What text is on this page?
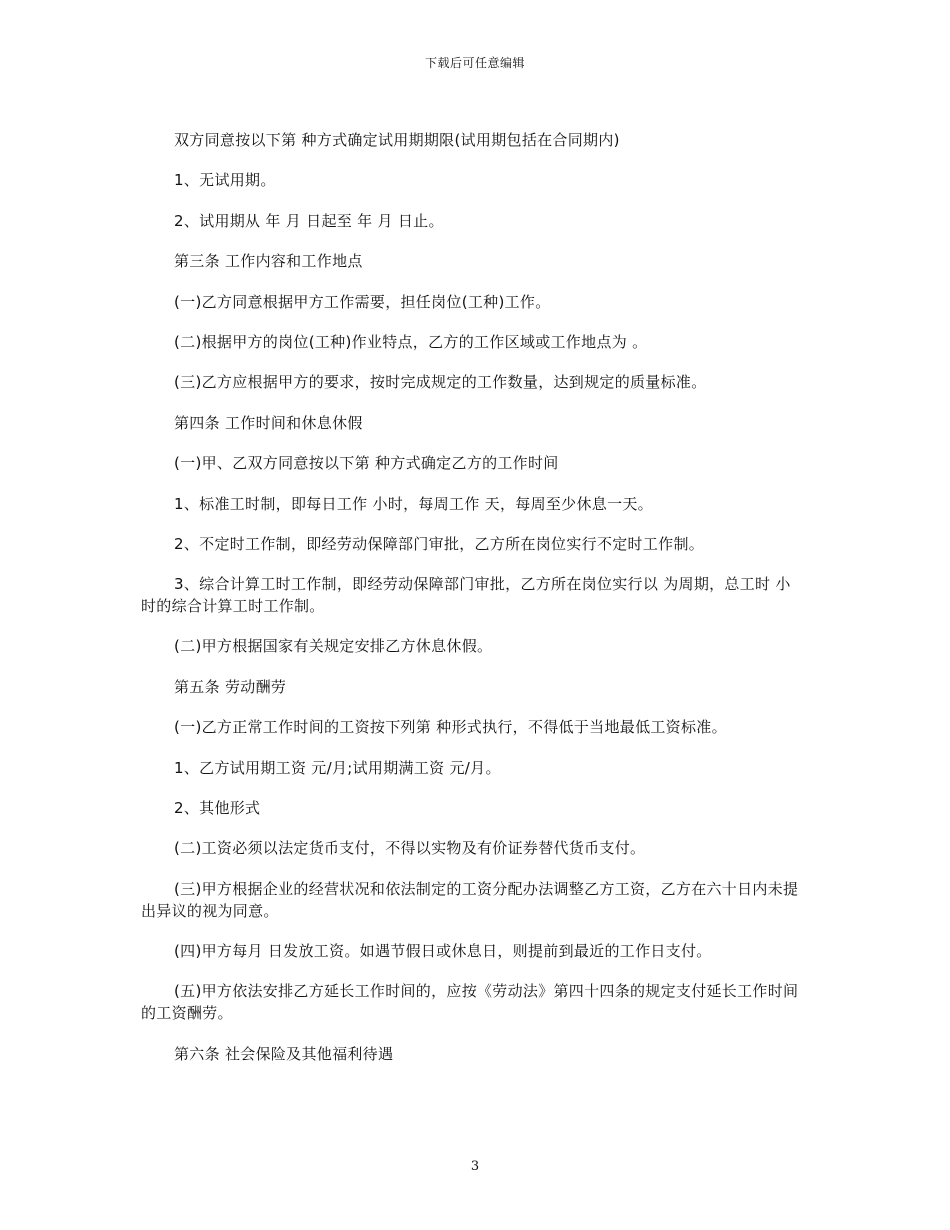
下载后可任意编辑

双方同意按以下第 种方式确定试用期期限(试用期包括在合同期内)

1、无试用期。

2、试用期从 年 月 日起至 年 月 日止。

第三条 工作内容和工作地点

(一)乙方同意根据甲方工作需要，担任岗位(工种)工作。

(二)根据甲方的岗位(工种)作业特点，乙方的工作区域或工作地点为 。

(三)乙方应根据甲方的要求，按时完成规定的工作数量，达到规定的质量标准。

第四条 工作时间和休息休假

(一)甲、乙双方同意按以下第 种方式确定乙方的工作时间

1、标准工时制，即每日工作 小时，每周工作 天，每周至少休息一天。

2、不定时工作制，即经劳动保障部门审批，乙方所在岗位实行不定时工作制。

3、综合计算工时工作制，即经劳动保障部门审批，乙方所在岗位实行以 为周期，总工时 小时的综合计算工时工作制。

(二)甲方根据国家有关规定安排乙方休息休假。

第五条 劳动酬劳

(一)乙方正常工作时间的工资按下列第 种形式执行，不得低于当地最低工资标准。

1、乙方试用期工资 元/月;试用期满工资 元/月。

2、其他形式

(二)工资必须以法定货币支付，不得以实物及有价证券替代货币支付。

(三)甲方根据企业的经营状况和依法制定的工资分配办法调整乙方工资，乙方在六十日内未提出异议的视为同意。

(四)甲方每月 日发放工资。如遇节假日或休息日，则提前到最近的工作日支付。

(五)甲方依法安排乙方延长工作时间的，应按《劳动法》第四十四条的规定支付延长工作时间的工资酬劳。

第六条 社会保险及其他福利待遇

3
